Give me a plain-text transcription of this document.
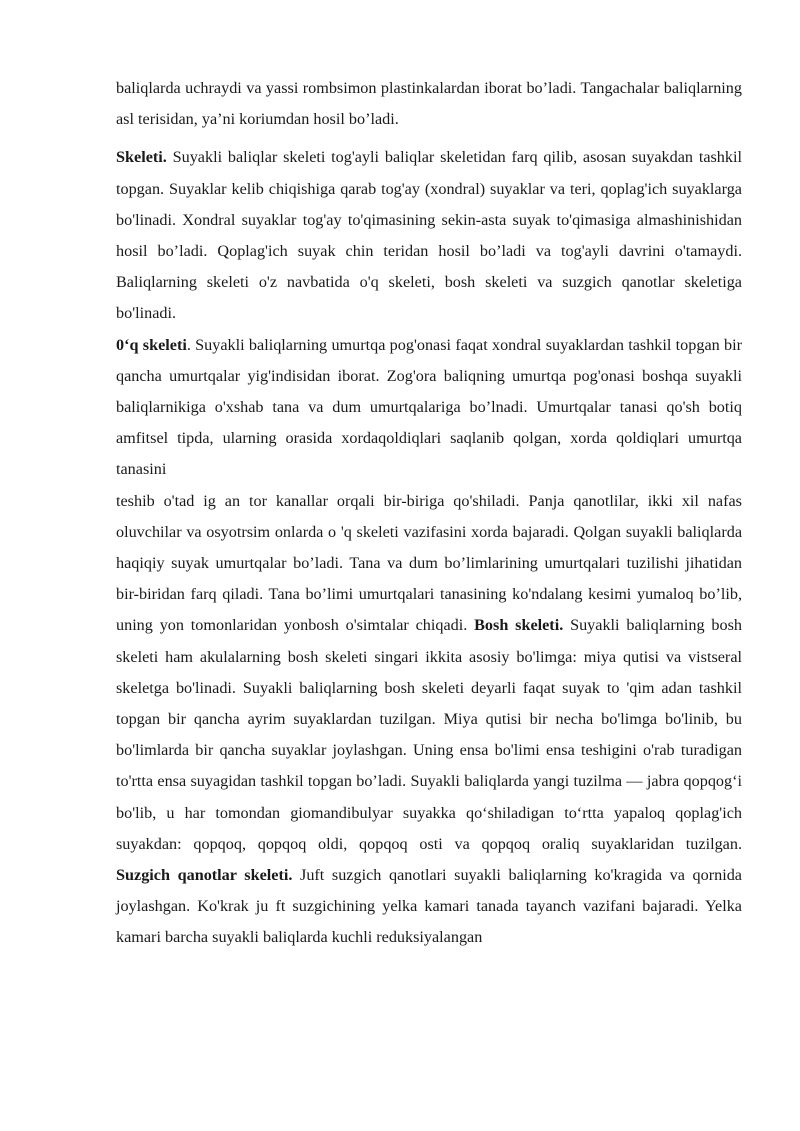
baliqlarda uchraydi va yassi rombsimon plastinkalardan iborat bo’ladi. Tangachalar baliqlarning asl terisidan, ya’ni koriumdan hosil bo’ladi.

Skeleti. Suyakli baliqlar skeleti tog'ayli baliqlar skeletidan farq qilib, asosan suyakdan tashkil topgan. Suyaklar kelib chiqishiga qarab tog'ay (xondral) suyaklar va teri, qoplag'ich suyaklarga bo'linadi. Xondral suyaklar tog'ay to'qimasining sekin-asta suyak to'qimasiga almashinishidan hosil bo’ladi. Qoplag'ich suyak chin teridan hosil bo’ladi va tog'ayli davrini o'tamaydi. Baliqlarning skeleti o'z navbatida o'q skeleti, bosh skeleti va suzgich qanotlar skeletiga bo'linadi.

0‘q skeleti. Suyakli baliqlarning umurtqa pog'onasi faqat xondral suyaklardan tashkil topgan bir qancha umurtqalar yig'indisidan iborat. Zog'ora baliqning umurtqa pog'onasi boshqa suyakli baliqlarnikiga o'xshab tana va dum umurtqalariga bo’lnadi. Umurtqalar tanasi qo'sh botiq amfitsel tipda, ularning orasida xordaqoldiqlari saqlanib qolgan, xorda qoldiqlari umurtqa tanasini

teshib o'tad ig an tor kanallar orqali bir-biriga qo'shiladi. Panja qanotlilar, ikki xil nafas oluvchilar va osyotrsim onlarda o 'q skeleti vazifasini xorda bajaradi. Qolgan suyakli baliqlarda haqiqiy suyak umurtqalar bo’ladi. Tana va dum bo’limlarining umurtqalari tuzilishi jihatidan bir-biridan farq qiladi. Tana bo’limi umurtqalari tanasining ko'ndalang kesimi yumaloq bo’lib, uning yon tomonlaridan yonbosh o'simtalar chiqadi. Bosh skeleti. Suyakli baliqlarning bosh skeleti ham akulalarning bosh skeleti singari ikkita asosiy bo'limga: miya qutisi va vistseral skeletga bo'linadi. Suyakli baliqlarning bosh skeleti deyarli faqat suyak to 'qim adan tashkil topgan bir qancha ayrim suyaklardan tuzilgan. Miya qutisi bir necha bo'limga bo'linib, bu bo'limlarda bir qancha suyaklar joylashgan. Uning ensa bo'limi ensa teshigini o'rab turadigan to'rtta ensa suyagidan tashkil topgan bo’ladi. Suyakli baliqlarda yangi tuzilma — jabra qopqog‘i bo'lib, u har tomondan giomandibulyar suyakka qo‘shiladigan to‘rtta yapaloq qoplag'ich suyakdan: qopqoq, qopqoq oldi, qopqoq osti va qopqoq oraliq suyaklaridan tuzilgan.

Suzgich qanotlar skeleti. Juft suzgich qanotlari suyakli baliqlarning ko'kragida va qornida joylashgan. Ko'krak ju ft suzgichining yelka kamari tanada tayanch vazifani bajaradi. Yelka kamari barcha suyakli baliqlarda kuchli reduksiyalangan
